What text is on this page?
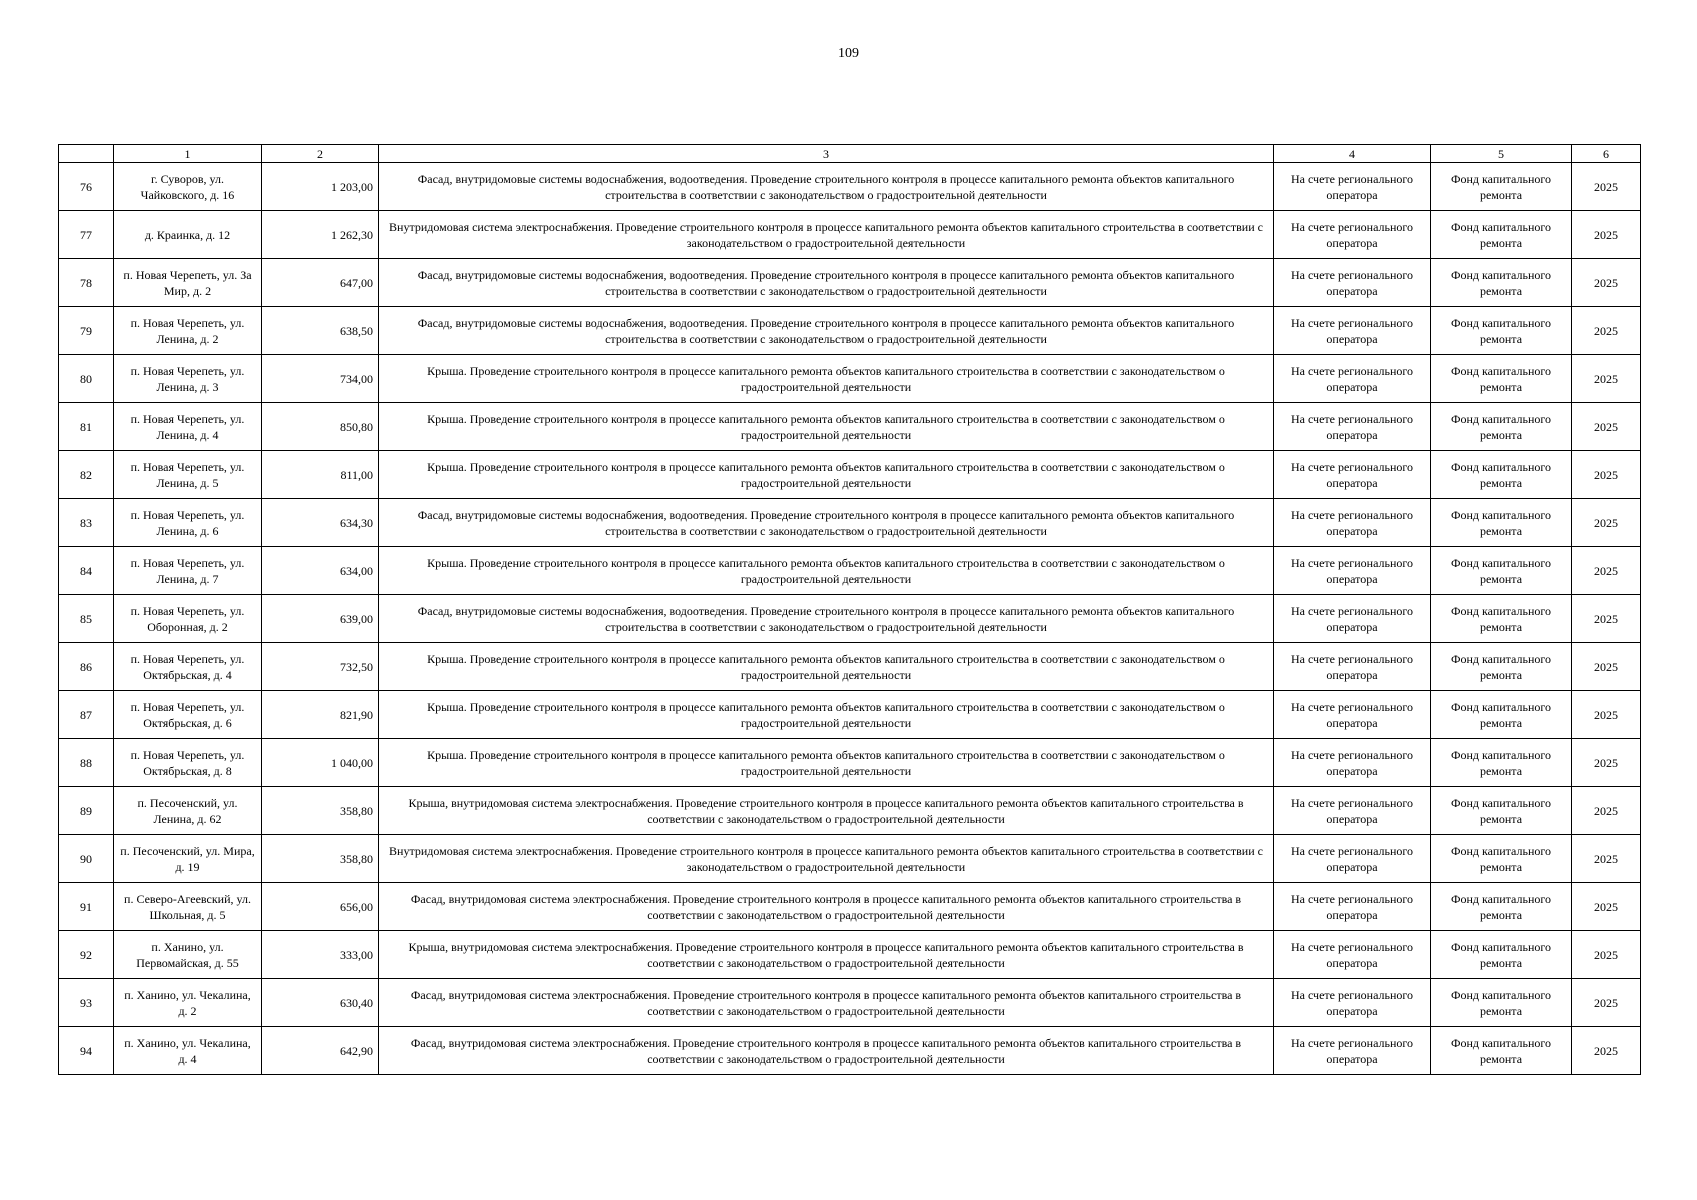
109
	1	2	3	4	5	6
76	г. Суворов, ул. Чайковского, д. 16	1 203,00	Фасад, внутридомовые системы водоснабжения, водоотведения. Проведение строительного контроля в процессе капитального ремонта объектов капитального строительства в соответствии с законодательством о градостроительной деятельности	На счете регионального оператора	Фонд капитального ремонта	2025
77	д. Краинка, д. 12	1 262,30	Внутридомовая система электроснабжения. Проведение строительного контроля в процессе капитального ремонта объектов капитального строительства в соответствии с законодательством о градостроительной деятельности	На счете регионального оператора	Фонд капитального ремонта	2025
78	п. Новая Черепеть, ул. За Мир, д. 2	647,00	Фасад, внутридомовые системы водоснабжения, водоотведения. Проведение строительного контроля в процессе капитального ремонта объектов капитального строительства в соответствии с законодательством о градостроительной деятельности	На счете регионального оператора	Фонд капитального ремонта	2025
79	п. Новая Черепеть, ул. Ленина, д. 2	638,50	Фасад, внутридомовые системы водоснабжения, водоотведения. Проведение строительного контроля в процессе капитального ремонта объектов капитального строительства в соответствии с законодательством о градостроительной деятельности	На счете регионального оператора	Фонд капитального ремонта	2025
80	п. Новая Черепеть, ул. Ленина, д. 3	734,00	Крыша. Проведение строительного контроля в процессе капитального ремонта объектов капитального строительства в соответствии с законодательством о градостроительной деятельности	На счете регионального оператора	Фонд капитального ремонта	2025
81	п. Новая Черепеть, ул. Ленина, д. 4	850,80	Крыша. Проведение строительного контроля в процессе капитального ремонта объектов капитального строительства в соответствии с законодательством о градостроительной деятельности	На счете регионального оператора	Фонд капитального ремонта	2025
82	п. Новая Черепеть, ул. Ленина, д. 5	811,00	Крыша. Проведение строительного контроля в процессе капитального ремонта объектов капитального строительства в соответствии с законодательством о градостроительной деятельности	На счете регионального оператора	Фонд капитального ремонта	2025
83	п. Новая Черепеть, ул. Ленина, д. 6	634,30	Фасад, внутридомовые системы водоснабжения, водоотведения. Проведение строительного контроля в процессе капитального ремонта объектов капитального строительства в соответствии с законодательством о градостроительной деятельности	На счете регионального оператора	Фонд капитального ремонта	2025
84	п. Новая Черепеть, ул. Ленина, д. 7	634,00	Крыша. Проведение строительного контроля в процессе капитального ремонта объектов капитального строительства в соответствии с законодательством о градостроительной деятельности	На счете регионального оператора	Фонд капитального ремонта	2025
85	п. Новая Черепеть, ул. Оборонная, д. 2	639,00	Фасад, внутридомовые системы водоснабжения, водоотведения. Проведение строительного контроля в процессе капитального ремонта объектов капитального строительства в соответствии с законодательством о градостроительной деятельности	На счете регионального оператора	Фонд капитального ремонта	2025
86	п. Новая Черепеть, ул. Октябрьская, д. 4	732,50	Крыша. Проведение строительного контроля в процессе капитального ремонта объектов капитального строительства в соответствии с законодательством о градостроительной деятельности	На счете регионального оператора	Фонд капитального ремонта	2025
87	п. Новая Черепеть, ул. Октябрьская, д. 6	821,90	Крыша. Проведение строительного контроля в процессе капитального ремонта объектов капитального строительства в соответствии с законодательством о градостроительной деятельности	На счете регионального оператора	Фонд капитального ремонта	2025
88	п. Новая Черепеть, ул. Октябрьская, д. 8	1 040,00	Крыша. Проведение строительного контроля в процессе капитального ремонта объектов капитального строительства в соответствии с законодательством о градостроительной деятельности	На счете регионального оператора	Фонд капитального ремонта	2025
89	п. Песоченский, ул. Ленина, д. 62	358,80	Крыша, внутридомовая система электроснабжения. Проведение строительного контроля в процессе капитального ремонта объектов капитального строительства в соответствии с законодательством о градостроительной деятельности	На счете регионального оператора	Фонд капитального ремонта	2025
90	п. Песоченский, ул. Мира, д. 19	358,80	Внутридомовая система электроснабжения. Проведение строительного контроля в процессе капитального ремонта объектов капитального строительства в соответствии с законодательством о градостроительной деятельности	На счете регионального оператора	Фонд капитального ремонта	2025
91	п. Северо-Агеевский, ул. Школьная, д. 5	656,00	Фасад, внутридомовая система электроснабжения. Проведение строительного контроля в процессе капитального ремонта объектов капитального строительства в соответствии с законодательством о градостроительной деятельности	На счете регионального оператора	Фонд капитального ремонта	2025
92	п. Ханино, ул. Первомайская, д. 55	333,00	Крыша, внутридомовая система электроснабжения. Проведение строительного контроля в процессе капитального ремонта объектов капитального строительства в соответствии с законодательством о градостроительной деятельности	На счете регионального оператора	Фонд капитального ремонта	2025
93	п. Ханино, ул. Чекалина, д. 2	630,40	Фасад, внутридомовая система электроснабжения. Проведение строительного контроля в процессе капитального ремонта объектов капитального строительства в соответствии с законодательством о градостроительной деятельности	На счете регионального оператора	Фонд капитального ремонта	2025
94	п. Ханино, ул. Чекалина, д. 4	642,90	Фасад, внутридомовая система электроснабжения. Проведение строительного контроля в процессе капитального ремонта объектов капитального строительства в соответствии с законодательством о градостроительной деятельности	На счете регионального оператора	Фонд капитального ремонта	2025
